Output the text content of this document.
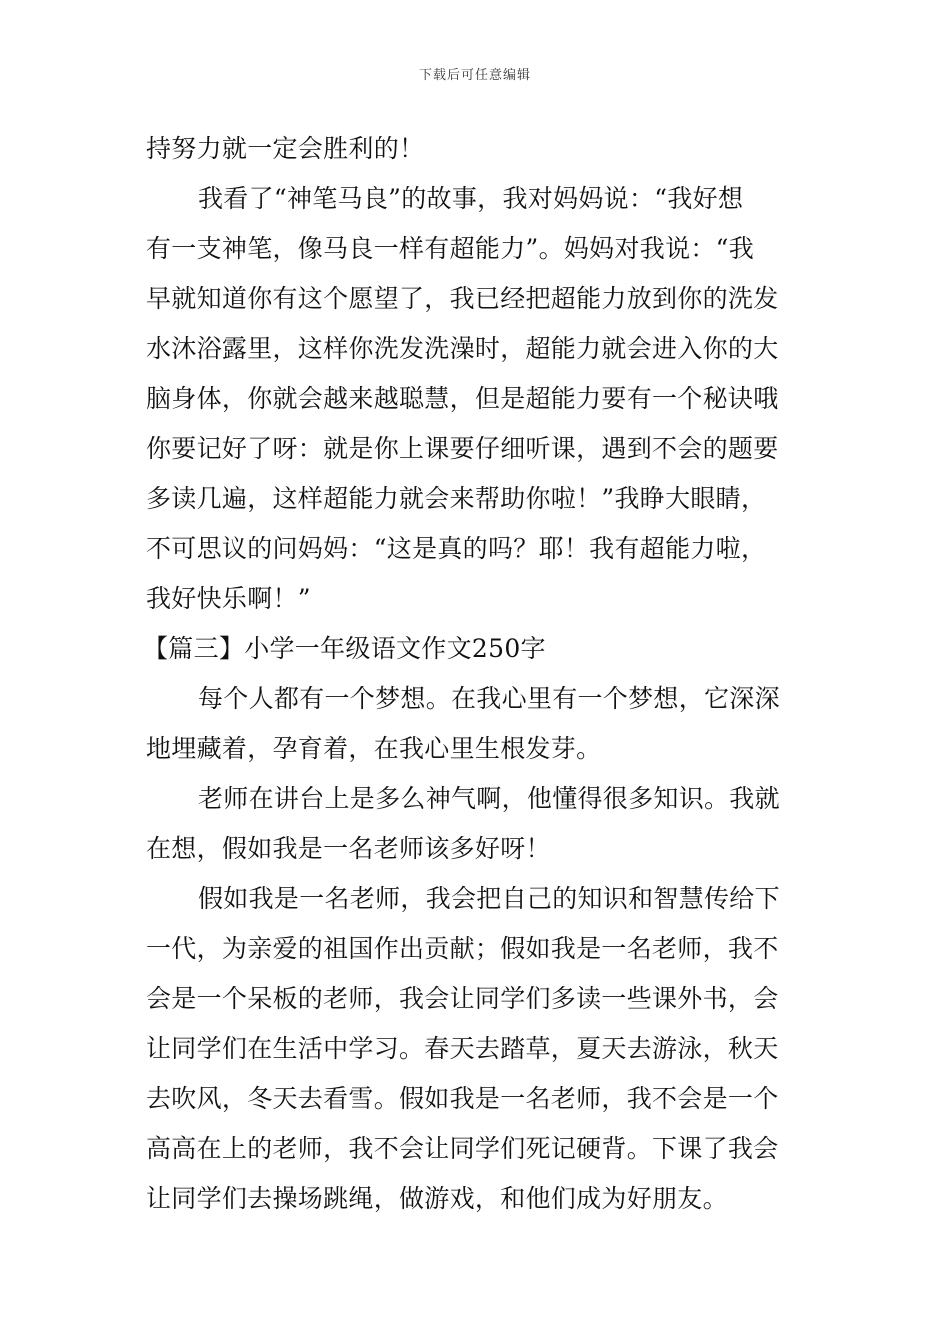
下载后可任意编辑
持努力就一定会胜利的！
我看了“神笔马良”的故事，我对妈妈说：“我好想
有一支神笔，像马良一样有超能力”。妈妈对我说：“我
早就知道你有这个愿望了，我已经把超能力放到你的洗发
水沐浴露里，这样你洗发洗澡时，超能力就会进入你的大
脑身体，你就会越来越聪慧，但是超能力要有一个秘诀哦
你要记好了呀：就是你上课要仔细听课，遇到不会的题要
多读几遍，这样超能力就会来帮助你啦！”我睁大眼睛，
不可思议的问妈妈：“这是真的吗？耶！我有超能力啦，
我好快乐啊！”
【篇三】小学一年级语文作文250字
每个人都有一个梦想。在我心里有一个梦想，它深深
地埋藏着，孕育着，在我心里生根发芽。
老师在讲台上是多么神气啊，他懂得很多知识。我就
在想，假如我是一名老师该多好呀！
假如我是一名老师，我会把自己的知识和智慧传给下
一代，为亲爱的祖国作出贡献；假如我是一名老师，我不
会是一个呆板的老师，我会让同学们多读一些课外书，会
让同学们在生活中学习。春天去踏草，夏天去游泳，秋天
去吹风，冬天去看雪。假如我是一名老师，我不会是一个
高高在上的老师，我不会让同学们死记硬背。下课了我会
让同学们去操场跳绳，做游戏，和他们成为好朋友。
